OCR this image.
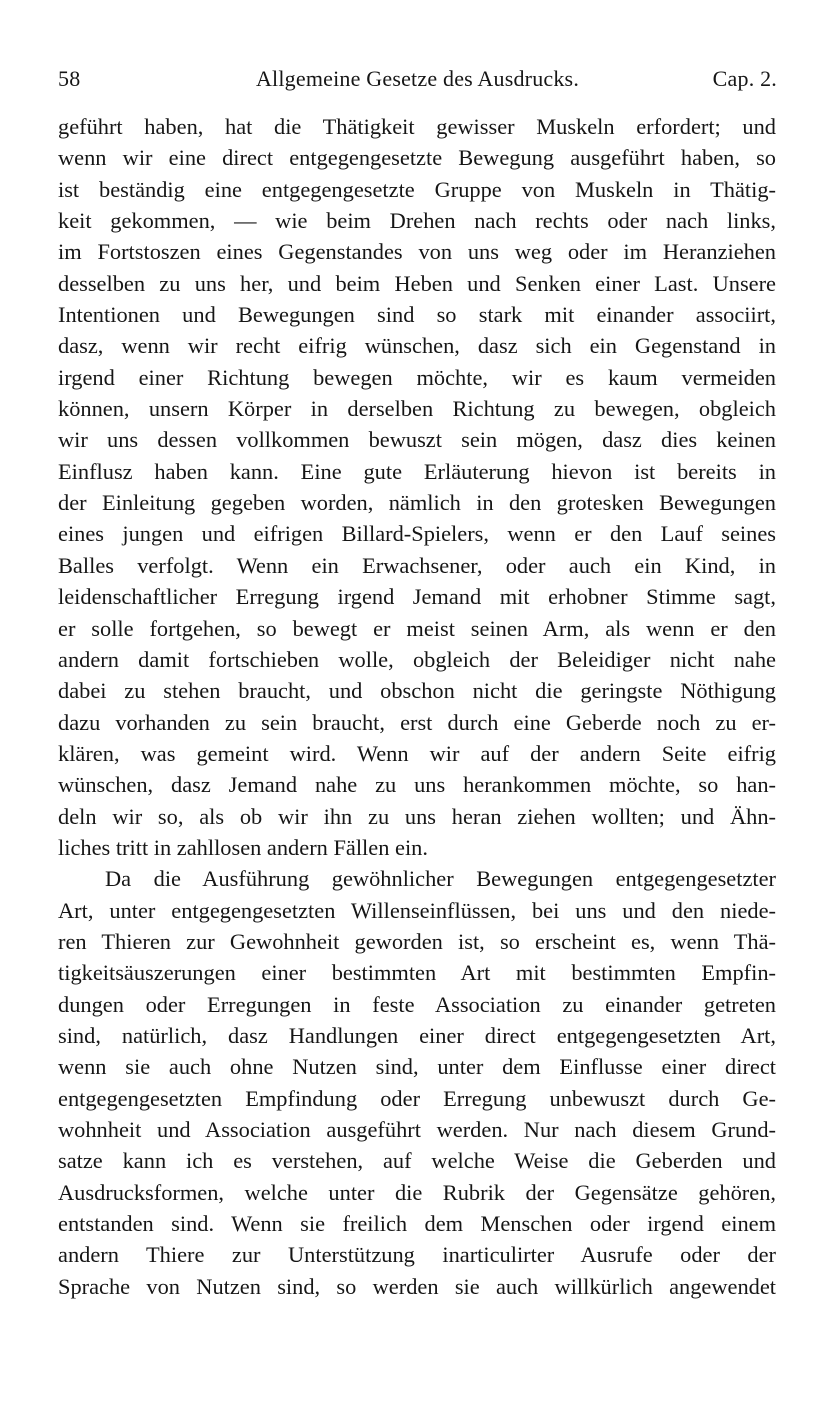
58	Allgemeine Gesetze des Ausdrucks.	Cap. 2.
geführt haben, hat die Thätigkeit gewisser Muskeln erfordert; und
wenn wir eine direct entgegengesetzte Bewegung ausgeführt haben, so
ist beständig eine entgegengesetzte Gruppe von Muskeln in Thätig-
keit gekommen, — wie beim Drehen nach rechts oder nach links,
im Fortstoszen eines Gegenstandes von uns weg oder im Heranziehen
desselben zu uns her, und beim Heben und Senken einer Last. Unsere
Intentionen und Bewegungen sind so stark mit einander associirt,
dasz, wenn wir recht eifrig wünschen, dasz sich ein Gegenstand in
irgend einer Richtung bewegen möchte, wir es kaum vermeiden
können, unsern Körper in derselben Richtung zu bewegen, obgleich
wir uns dessen vollkommen bewuszt sein mögen, dasz dies keinen
Einflusz haben kann. Eine gute Erläuterung hievon ist bereits in
der Einleitung gegeben worden, nämlich in den grotesken Bewegungen
eines jungen und eifrigen Billard-Spielers, wenn er den Lauf seines
Balles verfolgt. Wenn ein Erwachsener, oder auch ein Kind, in
leidenschaftlicher Erregung irgend Jemand mit erhobner Stimme sagt,
er solle fortgehen, so bewegt er meist seinen Arm, als wenn er den
andern damit fortschieben wolle, obgleich der Beleidiger nicht nahe
dabei zu stehen braucht, und obschon nicht die geringste Nöthigung
dazu vorhanden zu sein braucht, erst durch eine Geberde noch zu er-
klären, was gemeint wird. Wenn wir auf der andern Seite eifrig
wünschen, dasz Jemand nahe zu uns herankommen möchte, so han-
deln wir so, als ob wir ihn zu uns heran ziehen wollten; und Ähn-
liches tritt in zahllosen andern Fällen ein.
Da die Ausführung gewöhnlicher Bewegungen entgegengesetzter
Art, unter entgegengesetzten Willenseinflüssen, bei uns und den niede-
ren Thieren zur Gewohnheit geworden ist, so erscheint es, wenn Thä-
tigkeitsäuszerungen einer bestimmten Art mit bestimmten Empfin-
dungen oder Erregungen in feste Association zu einander getreten
sind, natürlich, dasz Handlungen einer direct entgegengesetzten Art,
wenn sie auch ohne Nutzen sind, unter dem Einflusse einer direct
entgegengesetzten Empfindung oder Erregung unbewuszt durch Ge-
wohnheit und Association ausgeführt werden. Nur nach diesem Grund-
satze kann ich es verstehen, auf welche Weise die Geberden und
Ausdrucksformen, welche unter die Rubrik der Gegensätze gehören,
entstanden sind. Wenn sie freilich dem Menschen oder irgend einem
andern Thiere zur Unterstützung inarticulirter Ausrufe oder der
Sprache von Nutzen sind, so werden sie auch willkürlich angewendet
